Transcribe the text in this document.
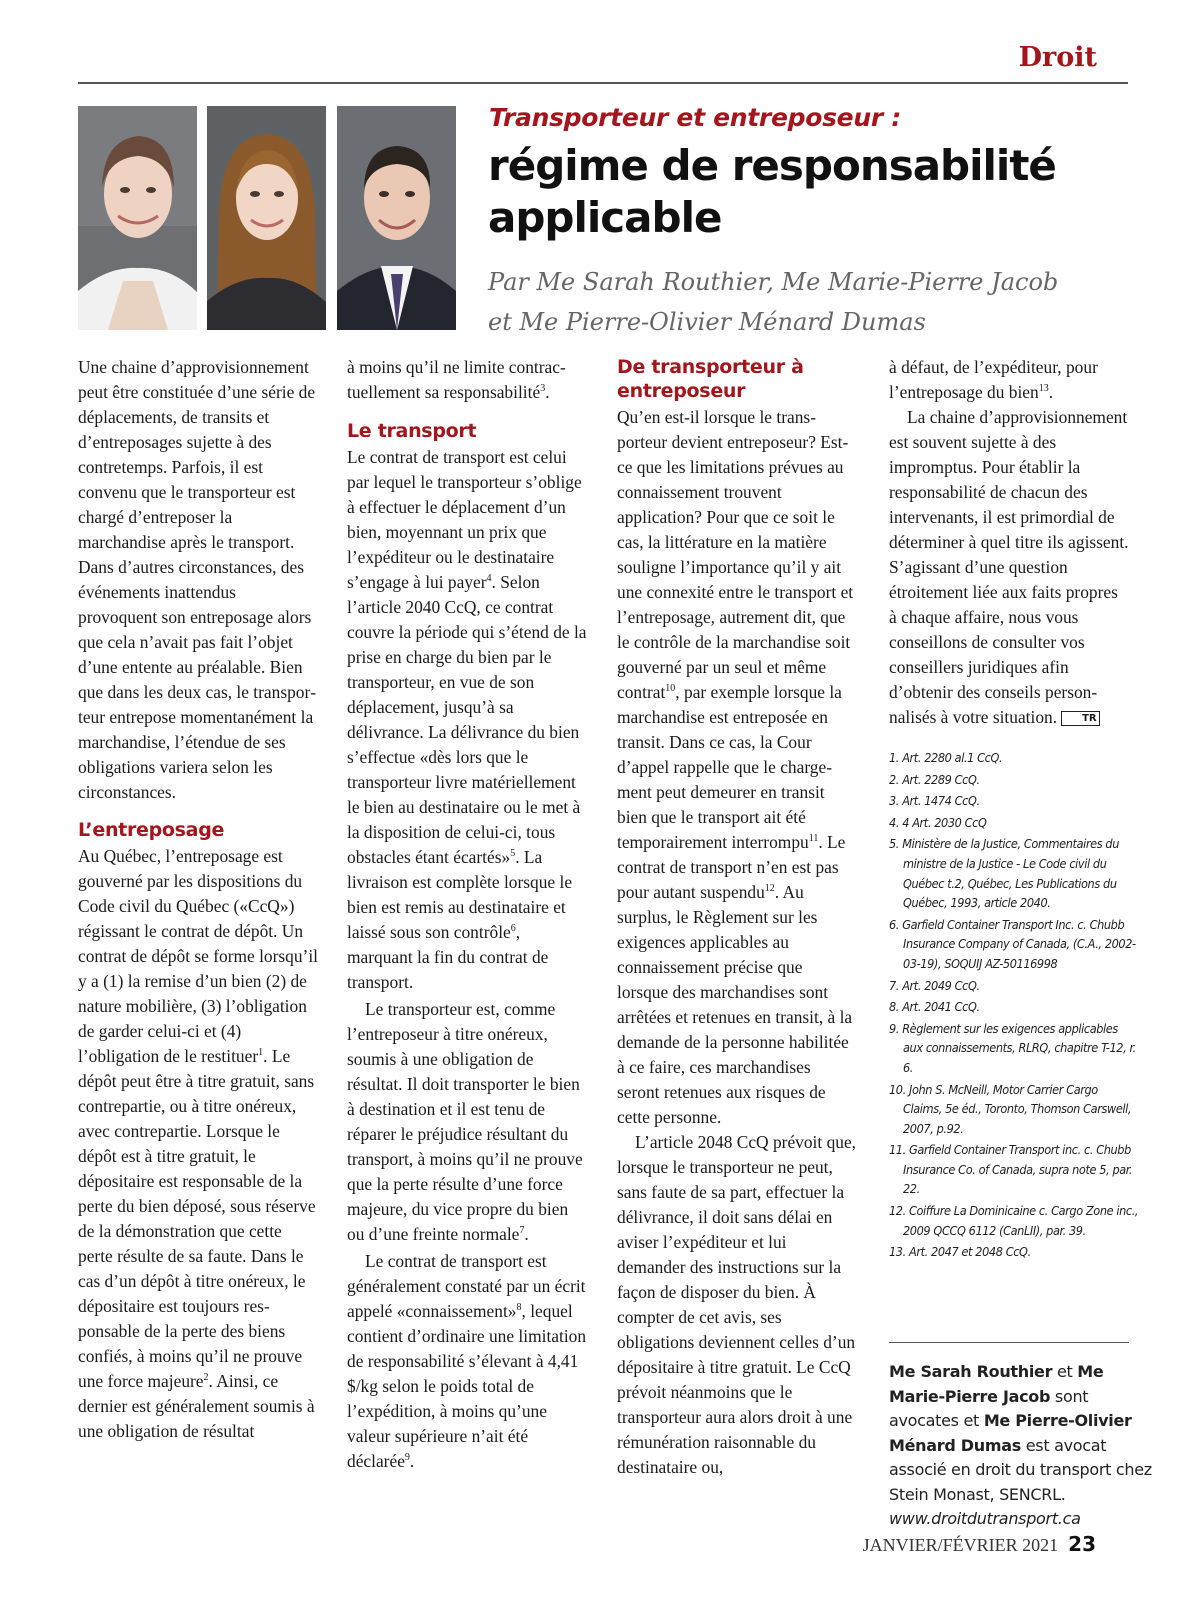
Droit
Transporteur et entreposeur :
régime de responsabilité
applicable
Par Me Sarah Routhier, Me Marie-Pierre Jacob
et Me Pierre-Olivier Ménard Dumas

Une chaine d’approvisionnement peut être constituée d’une série de déplacements, de transits et d’entreposages sujette à des contretemps. Parfois, il est convenu que le transporteur est chargé d’entreposer la marchandise après le transport. Dans d’autres circonstances, des événements inattendus provoquent son entreposage alors que cela n’avait pas fait l’objet d’une entente au préalable. Bien que dans les deux cas, le transporteur entrepose momentanément la marchandise, l’étendue de ses obligations variera selon les circonstances.

L’entreposage

Au Québec, l’entreposage est gouverné par les dispositions du Code civil du Québec («CcQ») régissant le contrat de dépôt. Un contrat de dépôt se forme lorsqu’il y a (1) la remise d’un bien (2) de nature mobilière, (3) l’obligation de garder celui-ci et (4) l’obligation de le restituer$^1$. Le dépôt peut être à titre gratuit, sans contrepartie, ou à titre onéreux, avec contrepartie. Lorsque le dépôt est à titre gratuit, le dépositaire est responsable de la perte du bien déposé, sous réserve de la démonstration que cette perte résulte de sa faute. Dans le cas d’un dépôt à titre onéreux, le dépositaire est toujours responsable de la perte des biens confiés, à moins qu’il ne prouve une force majeure$^2$. Ainsi, ce dernier est généralement soumis à une obligation de résultat

à moins qu’il ne limite contractuellement sa responsabilité$^3$.

Le transport

Le contrat de transport est celui par lequel le transporteur s’oblige à effectuer le déplacement d’un bien, moyennant un prix que l’expéditeur ou le destinataire s’engage à lui payer$^4$. Selon l’article 2040 CcQ, ce contrat couvre la période qui s’étend de la prise en charge du bien par le transporteur, en vue de son déplacement, jusqu’à sa délivrance. La délivrance du bien s’effectue «dès lors que le transporteur livre matériellement le bien au destinataire ou le met à la disposition de celui-ci, tous obstacles étant écartés»$^5$. La livraison est complète lorsque le bien est remis au destinataire et laissé sous son contrôle$^6$, marquant la fin du contrat de transport.

Le transporteur est, comme l’entreposeur à titre onéreux, soumis à une obligation de résultat. Il doit transporter le bien à destination et il est tenu de réparer le préjudice résultant du transport, à moins qu’il ne prouve que la perte résulte d’une force majeure, du vice propre du bien ou d’une freinte normale$^7$.

Le contrat de transport est généralement constaté par un écrit appelé «connaissement»$^8$, lequel contient d’ordinaire une limitation de responsabilité s’élevant à 4,41 $/kg selon le poids total de l’expédition, à moins qu’une valeur supérieure n’ait été déclarée$^9$.

De transporteur à entreposeur

Qu’en est-il lorsque le transporteur devient entreposeur? Est-ce que les limitations prévues au connaissement trouvent application? Pour que ce soit le cas, la littérature en la matière souligne l’importance qu’il y ait une connexité entre le transport et l’entreposage, autrement dit, que le contrôle de la marchandise soit gouverné par un seul et même contrat$^{10}$, par exemple lorsque la marchandise est entreposée en transit. Dans ce cas, la Cour d’appel rappelle que le chargement peut demeurer en transit bien que le transport ait été temporairement interrompu$^{11}$. Le contrat de transport n’en est pas pour autant suspendu$^{12}$. Au surplus, le Règlement sur les exigences applicables au connaissement précise que lorsque des marchandises sont arrêtées et retenues en transit, à la demande de la personne habilitée à ce faire, ces marchandises seront retenues aux risques de cette personne.

L’article 2048 CcQ prévoit que, lorsque le transporteur ne peut, sans faute de sa part, effectuer la délivrance, il doit sans délai en aviser l’expéditeur et lui demander des instructions sur la façon de disposer du bien. À compter de cet avis, ses obligations deviennent celles d’un dépositaire à titre gratuit. Le CcQ prévoit néanmoins que le transporteur aura alors droit à une rémunération raisonnable du destinataire ou,

à défaut, de l’expéditeur, pour l’entreposage du bien$^{13}$.

La chaine d’approvisionnement est souvent sujette à des impromptus. Pour établir la responsabilité de chacun des intervenants, il est primordial de déterminer à quel titre ils agissent. S’agissant d’une question étroitement liée aux faits propres à chaque affaire, nous vous conseillons de consulter vos conseillers juridiques afin d’obtenir des conseils personnalisés à votre situation.	TR

1. Art. 2280 al.1 CcQ.
2. Art. 2289 CcQ.
3. Art. 1474 CcQ.
4. 4 Art. 2030 CcQ
5. Ministère de la Justice, Commentaires du ministre de la Justice - Le Code civil du Québec t.2, Québec, Les Publications du Québec, 1993, article 2040.
6. Garfield Container Transport Inc. c. Chubb Insurance Company of Canada, (C.A., 2002-03-19), SOQUIJ AZ-50116998
7. Art. 2049 CcQ.
8. Art. 2041 CcQ.
9. Règlement sur les exigences applicables aux connaissements, RLRQ, chapitre T-12, r. 6.
10. John S. McNeill, Motor Carrier Cargo Claims, 5e éd., Toronto, Thomson Carswell, 2007, p.92.
11. Garfield Container Transport inc. c. Chubb Insurance Co. of Canada, supra note 5, par. 22.
12. Coiffure La Dominicaine c. Cargo Zone inc., 2009 QCCQ 6112 (CanLII), par. 39.
13. Art. 2047 et 2048 CcQ.
Me Sarah Routhier et Me Marie-Pierre Jacob sont avocates et Me Pierre-Olivier Ménard Dumas est avocat associé en droit du transport chez Stein Monast, SENCRL. www.droitdutransport.ca
JANVIER/FÉVRIER 2021 23
